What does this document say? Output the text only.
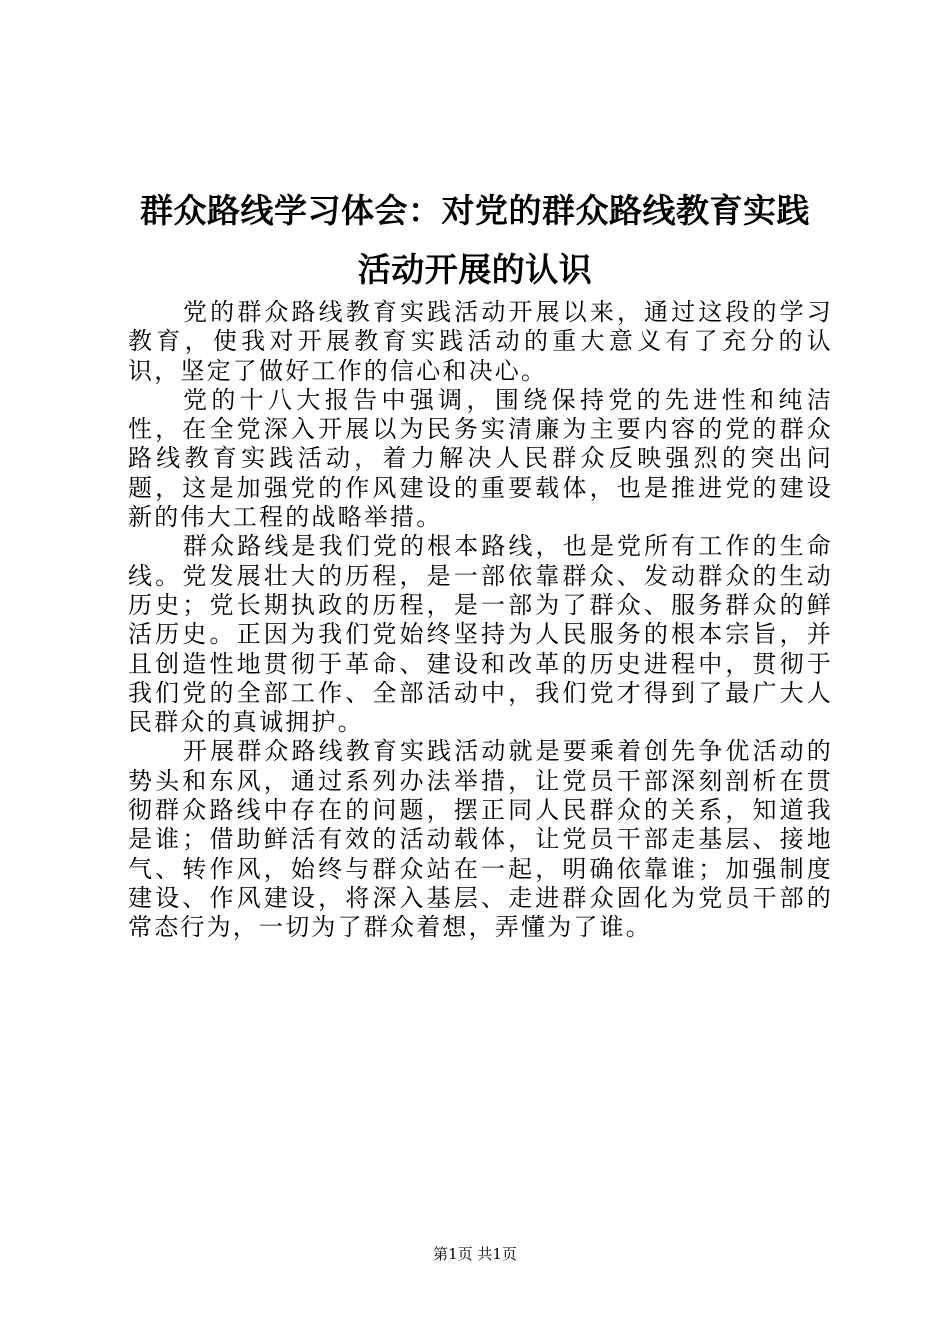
群众路线学习体会：对党的群众路线教育实践
活动开展的认识

党的群众路线教育实践活动开展以来，通过这段的学习教育，使我对开展教育实践活动的重大意义有了充分的认识，坚定了做好工作的信心和决心。

党的十八大报告中强调，围绕保持党的先进性和纯洁性，在全党深入开展以为民务实清廉为主要内容的党的群众路线教育实践活动，着力解决人民群众反映强烈的突出问题，这是加强党的作风建设的重要载体，也是推进党的建设新的伟大工程的战略举措。

群众路线是我们党的根本路线，也是党所有工作的生命线。党发展壮大的历程，是一部依靠群众、发动群众的生动历史；党长期执政的历程，是一部为了群众、服务群众的鲜活历史。正因为我们党始终坚持为人民服务的根本宗旨，并且创造性地贯彻于革命、建设和改革的历史进程中，贯彻于我们党的全部工作、全部活动中，我们党才得到了最广大人民群众的真诚拥护。

开展群众路线教育实践活动就是要乘着创先争优活动的势头和东风，通过系列办法举措，让党员干部深刻剖析在贯彻群众路线中存在的问题，摆正同人民群众的关系，知道我是谁；借助鲜活有效的活动载体，让党员干部走基层、接地气、转作风，始终与群众站在一起，明确依靠谁；加强制度建设、作风建设，将深入基层、走进群众固化为党员干部的常态行为，一切为了群众着想，弄懂为了谁。

第1页 共1页
